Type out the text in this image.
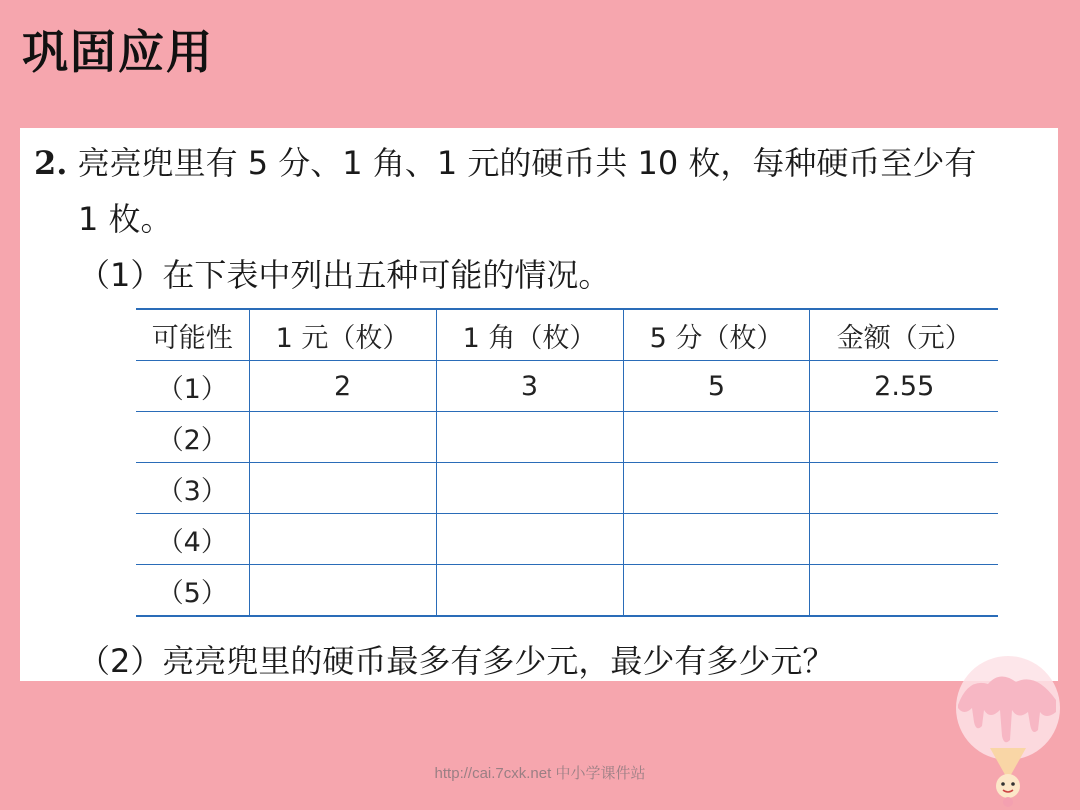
巩固应用
2. 亮亮兜里有 5 分、1 角、1 元的硬币共 10 枚，每种硬币至少有
1 枚。
（1）在下表中列出五种可能的情况。
可能性	1 元（枚）	1 角（枚）	5 分（枚）	金额（元）
（1）	2	3	5	2.55
（2）				
（3）				
（4）				
（5）				
（2）亮亮兜里的硬币最多有多少元，最少有多少元？
http://cai.7cxk.net 中小学课件站
